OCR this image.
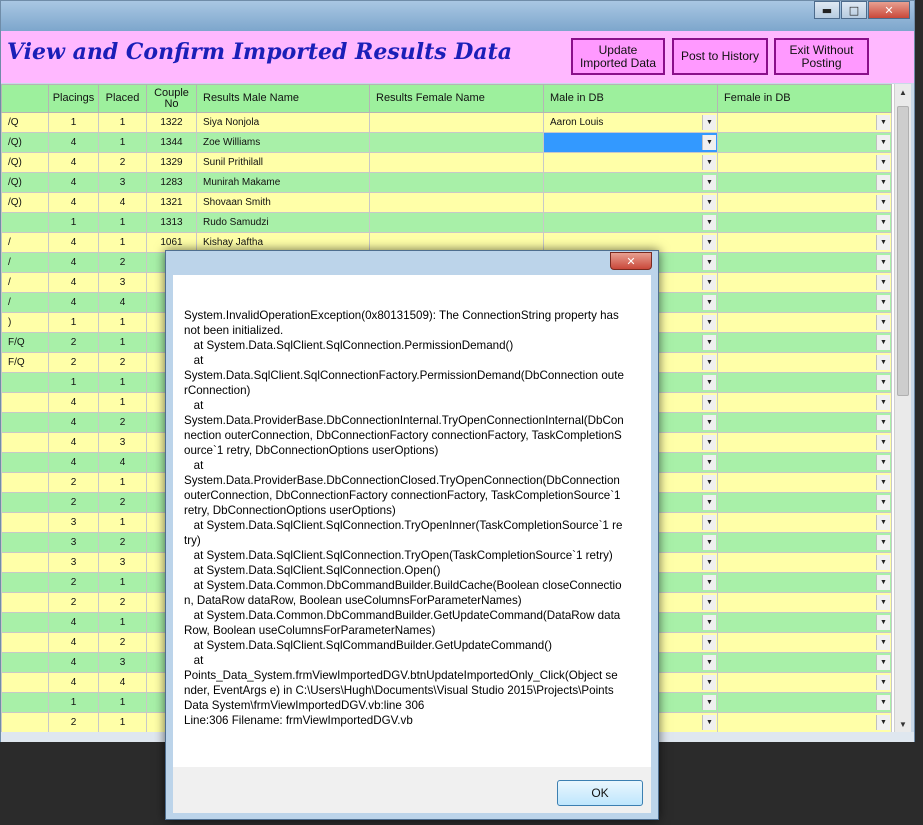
▬	□	✕
View and Confirm Imported Results Data	Update
Imported Data	Post to History	Exit Without
Posting
	Placings	Placed	Couple
No	Results Male Name	Results Female Name	Male in DB	Female in DB
/Q	1	1	1322	Siya Nonjola		Aaron Louis ▼	▼

/Q)	4	1	1344	Zoe Williams		▼	▼

/Q)	4	2	1329	Sunil Prithilall		▼	▼

/Q)	4	3	1283	Munirah Makame		▼	▼

/Q)	4	4	1321	Shovaan Smith		▼	▼

	1	1	1313	Rudo Samudzi		▼	▼

/	4	1	1061	Kishay Jaftha		▼	▼

/	4	2				▼	▼

/	4	3				▼	▼

/	4	4				▼	▼

)	1	1				▼	▼

F/Q	2	1				▼	▼

F/Q	2	2				▼	▼

	1	1				▼	▼

	4	1				▼	▼

	4	2				▼	▼

	4	3				▼	▼

	4	4				▼	▼

	2	1				▼	▼

	2	2				▼	▼

	3	1				▼	▼

	3	2				▼	▼

	3	3				▼	▼

	2	1				▼	▼

	2	2				▼	▼

	4	1				▼	▼

	4	2				▼	▼

	4	3				▼	▼

	4	4				▼	▼

	1	1				▼	▼

	2	1				▼	▼
▲
▼
✕
System.InvalidOperationException(0x80131509): The ConnectionString property has not been initialized.
at System.Data.SqlClient.SqlConnection.PermissionDemand()
at
System.Data.SqlClient.SqlConnectionFactory.PermissionDemand(DbConnection outerConnection)
at
System.Data.ProviderBase.DbConnectionInternal.TryOpenConnectionInternal(DbConnection outerConnection, DbConnectionFactory connectionFactory, TaskCompletionSource`1 retry, DbConnectionOptions userOptions)
at
System.Data.ProviderBase.DbConnectionClosed.TryOpenConnection(DbConnection outerConnection, DbConnectionFactory connectionFactory, TaskCompletionSource`1 retry, DbConnectionOptions userOptions)
at System.Data.SqlClient.SqlConnection.TryOpenInner(TaskCompletionSource`1 retry)
at System.Data.SqlClient.SqlConnection.TryOpen(TaskCompletionSource`1 retry)
at System.Data.SqlClient.SqlConnection.Open()
at System.Data.Common.DbCommandBuilder.BuildCache(Boolean closeConnection, DataRow dataRow, Boolean useColumnsForParameterNames)
at System.Data.Common.DbCommandBuilder.GetUpdateCommand(DataRow dataRow, Boolean useColumnsForParameterNames)
at System.Data.SqlClient.SqlCommandBuilder.GetUpdateCommand()
at
Points_Data_System.frmViewImportedDGV.btnUpdateImportedOnly_Click(Object sender, EventArgs e) in C:\Users\Hugh\Documents\Visual Studio 2015\Projects\Points Data System\frmViewImportedDGV.vb:line 306
Line:306 Filename: frmViewImportedDGV.vb
OK
